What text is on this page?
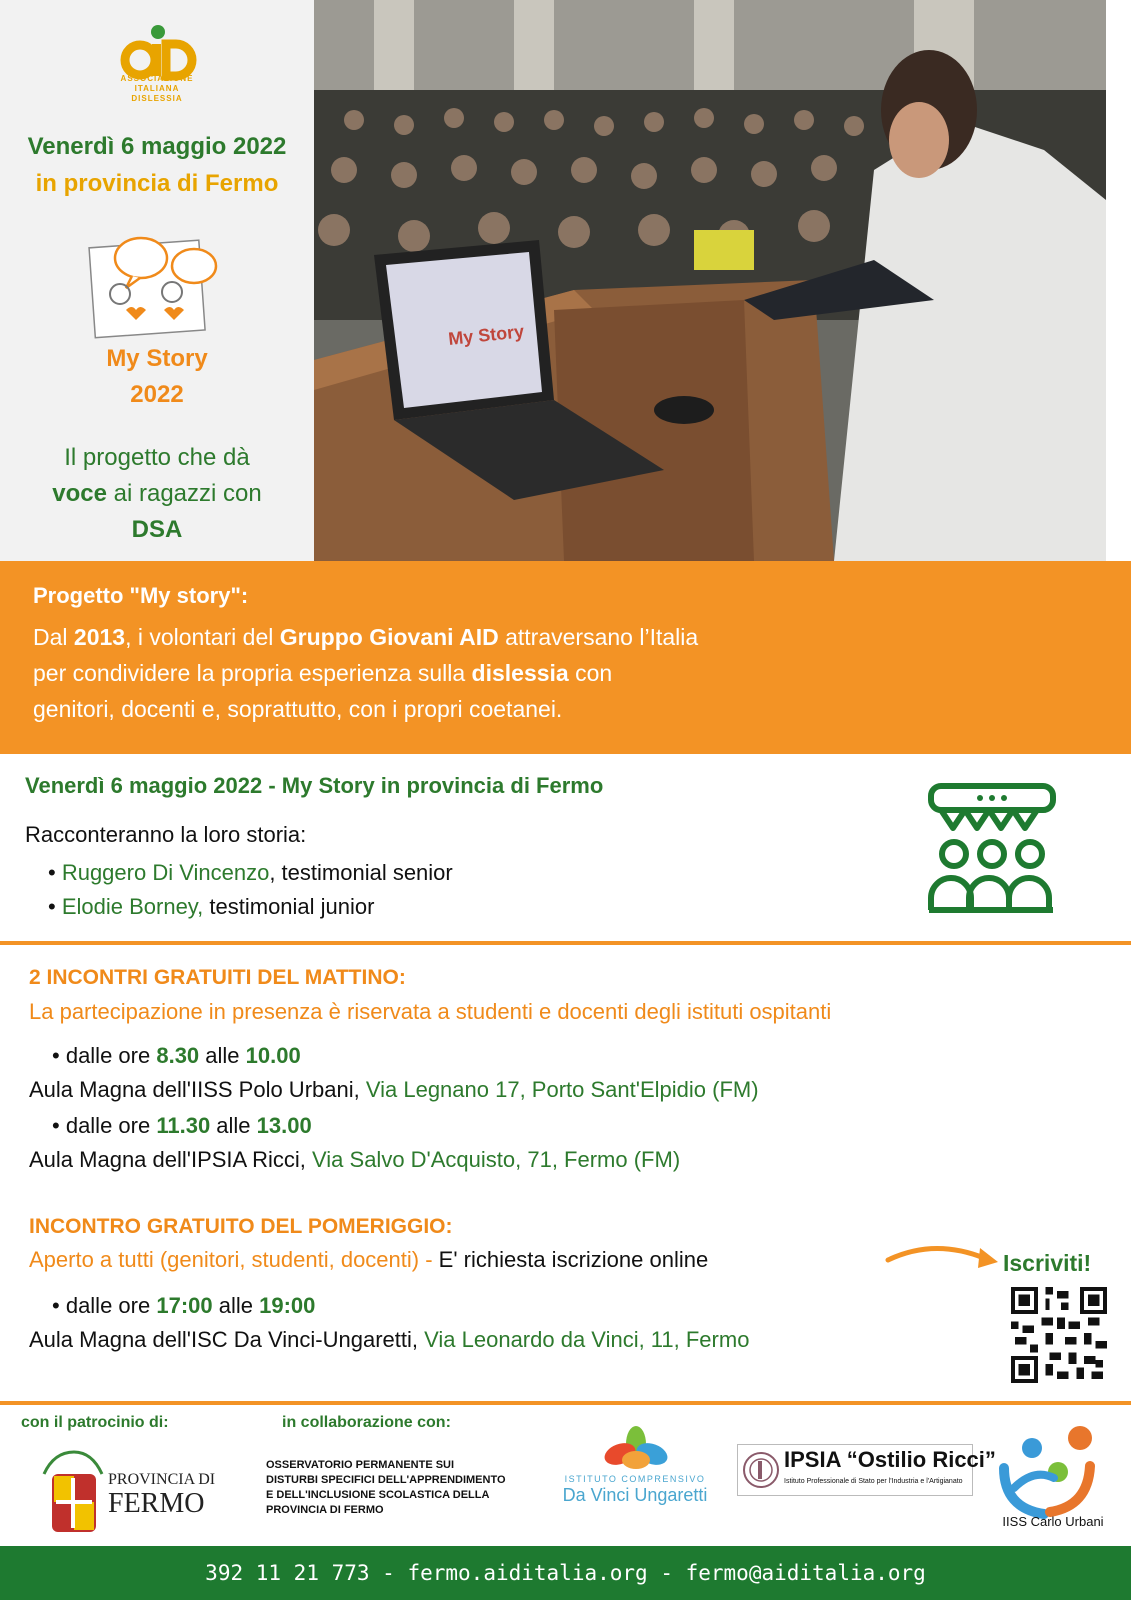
ASSOCIAZIONE
ITALIANA
DISLESSIA
Venerdì 6 maggio 2022
in provincia di Fermo
My Story
2022
Il progetto che dà
voce ai ragazzi con
DSA
My Story
Progetto "My story":
Dal 2013, i volontari del Gruppo Giovani AID attraversano l’Italia
per condividere la propria esperienza sulla dislessia con
genitori, docenti e, soprattutto, con i propri coetanei.
Venerdì 6 maggio 2022 - My Story in provincia di Fermo
Racconteranno la loro storia:
• Ruggero Di Vincenzo, testimonial senior
• Elodie Borney, testimonial junior
2 INCONTRI GRATUITI DEL MATTINO:
La partecipazione in presenza è riservata a studenti e docenti degli istituti ospitanti
• dalle ore 8.30 alle 10.00
Aula Magna dell'IISS Polo Urbani, Via Legnano 17, Porto Sant'Elpidio (FM)
• dalle ore 11.30 alle 13.00
Aula Magna dell'IPSIA Ricci, Via Salvo D'Acquisto, 71, Fermo (FM)
INCONTRO GRATUITO DEL POMERIGGIO:
Aperto a tutti (genitori, studenti, docenti) - E' richiesta iscrizione online	Iscriviti!
• dalle ore 17:00 alle 19:00
Aula Magna dell'ISC Da Vinci-Ungaretti, Via Leonardo da Vinci, 11, Fermo
con il patrocinio di:	in collaborazione con:
PROVINCIA DI
FERMO
OSSERVATORIO PERMANENTE SUI
DISTURBI SPECIFICI DELL'APPRENDIMENTO
E DELL'INCLUSIONE SCOLASTICA DELLA
PROVINCIA DI FERMO
ISTITUTO COMPRENSIVO
Da Vinci Ungaretti
IPSIA “Ostilio Ricci”
Istituto Professionale di Stato per l'Industria e l'Artigianato
IISS Carlo Urbani
392 11 21 773 - fermo.aiditalia.org - fermo@aiditalia.org
